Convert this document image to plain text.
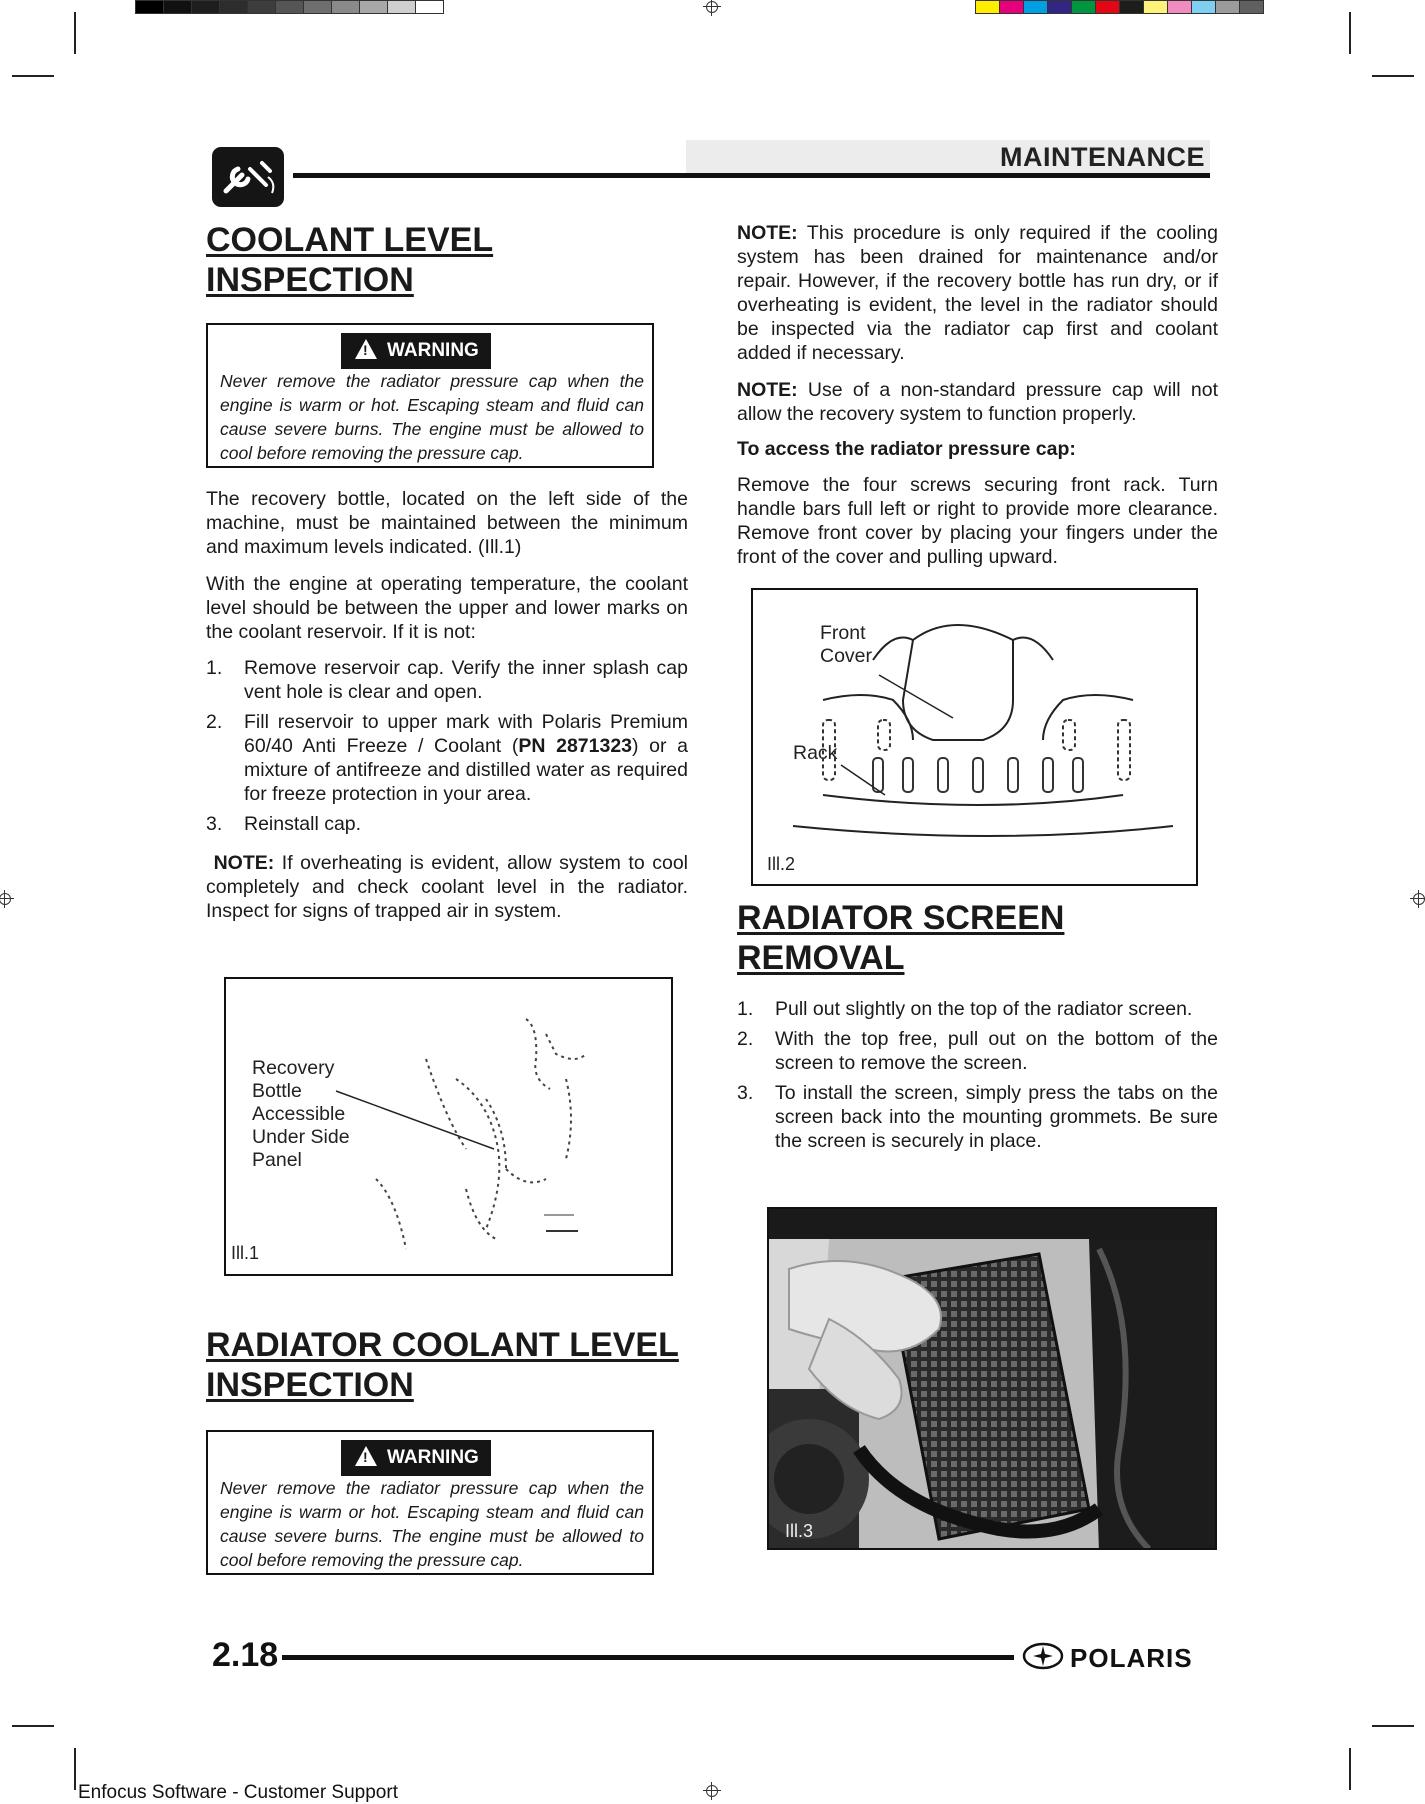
MAINTENANCE
COOLANT LEVEL
INSPECTION
!
WARNING
Never remove the radiator pressure cap when the engine is warm or hot. Escaping steam and fluid can cause severe burns. The engine must be allowed to cool before removing the pressure cap.

The recovery bottle, located on the left side of the machine, must be maintained between the minimum and maximum levels indicated. (Ill.1)

With the engine at operating temperature, the coolant level should be between the upper and lower marks on the coolant reservoir. If it is not:

1. Remove reservoir cap. Verify the inner splash cap vent hole is clear and open.
2. Fill reservoir to upper mark with Polaris Premium 60/40 Anti Freeze / Coolant (PN 2871323) or a mixture of antifreeze and distilled water as required for freeze protection in your area.
3. Reinstall cap.

NOTE: If overheating is evident, allow system to cool completely and check coolant level in the radiator. Inspect for signs of trapped air in system.

Recovery
Bottle
Accessible
Under Side
Panel
Ill.1
RADIATOR COOLANT LEVEL
INSPECTION
!
WARNING
Never remove the radiator pressure cap when the engine is warm or hot. Escaping steam and fluid can cause severe burns. The engine must be allowed to cool before removing the pressure cap.

NOTE: This procedure is only required if the cooling system has been drained for maintenance and/or repair. However, if the recovery bottle has run dry, or if overheating is evident, the level in the radiator should be inspected via the radiator cap first and coolant added if necessary.

NOTE: Use of a non-standard pressure cap will not allow the recovery system to function properly.

To access the radiator pressure cap:

Remove the four screws securing front rack. Turn handle bars full left or right to provide more clearance. Remove front cover by placing your fingers under the front of the cover and pulling upward.

Front
Cover
Rack
Ill.2
RADIATOR SCREEN
REMOVAL
1. Pull out slightly on the top of the radiator screen.
2. With the top free, pull out on the bottom of the screen to remove the screen.
3. To install the screen, simply press the tabs on the screen back into the mounting grommets. Be sure the screen is securely in place.
Ill.3
2.18	POLARIS
Enfocus Software - Customer Support
